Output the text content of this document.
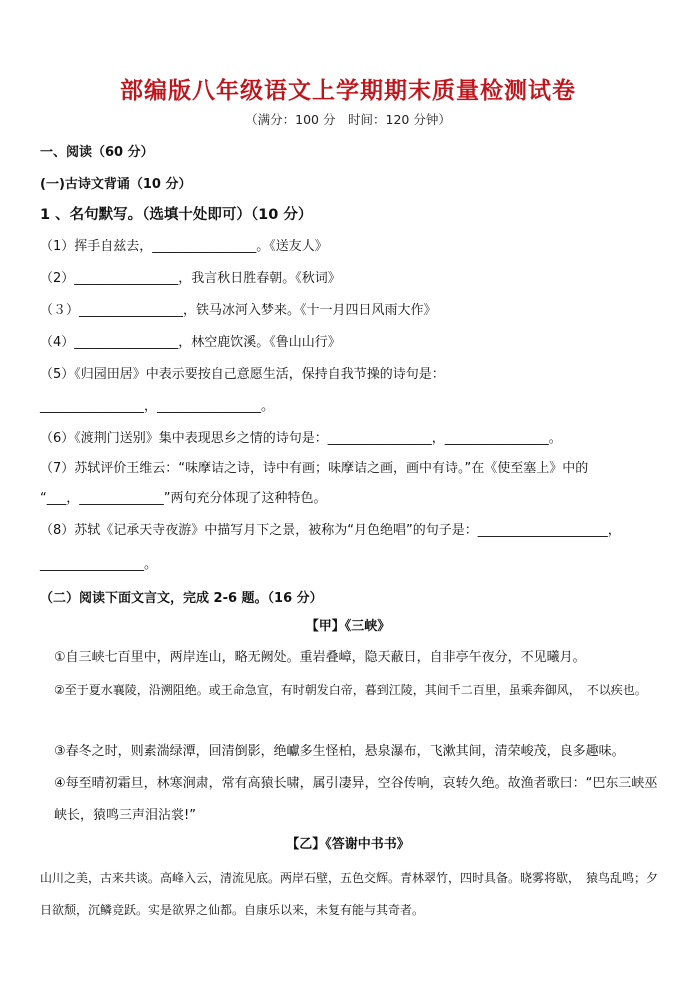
部编版八年级语文上学期期末质量检测试卷
（满分：100 分　时间：120 分钟）
一、阅读（60 分）
(一)古诗文背诵（10 分）
1 、名句默写。（选填十处即可）（10 分）
（1）挥手自兹去，________________。《送友人》
（2）________________，我言秋日胜春朝。《秋词》
（３）________________，铁马冰河入梦来。《十一月四日风雨大作》
（4）________________，林空鹿饮溪。《鲁山山行》
（5）《归园田居》中表示要按自己意愿生活，保持自我节操的诗句是：
________________，________________。
（6）《渡荆门送别》集中表现思乡之情的诗句是：________________，________________。
（7）苏轼评价王维云：“味摩诘之诗，诗中有画；味摩诘之画，画中有诗。”在《使至塞上》中的
“___，_____________”两句充分体现了这种特色。
（8）苏轼《记承天寺夜游》中描写月下之景，被称为“月色绝唱”的句子是：____________________，
________________。
（二）阅读下面文言文，完成 2-6 题。（16 分）
【甲】《三峡》
①自三峡七百里中，两岸连山，略无阙处。重岩叠嶂，隐天蔽日，自非亭午夜分，不见曦月。
②至于夏水襄陵，沿溯阻绝。或王命急宣，有时朝发白帝，暮到江陵，其间千二百里，虽乘奔御风，　不以疾也。
③春冬之时，则素湍绿潭，回清倒影，绝巘多生怪柏，悬泉瀑布，飞漱其间，清荣峻茂，良多趣味。
④每至晴初霜旦，林寒涧肃，常有高猿长啸，属引凄异，空谷传响，哀转久绝。故渔者歌曰：“巴东三峡巫峡长，猿鸣三声泪沾裳!”
【乙】《答谢中书书》
山川之美，古来共谈。高峰入云，清流见底。两岸石壁，五色交辉。青林翠竹，四时具备。晓雾将歇，　猿鸟乱鸣；夕日欲颓，沉鳞竞跃。实是欲界之仙都。自康乐以来，未复有能与其奇者。
